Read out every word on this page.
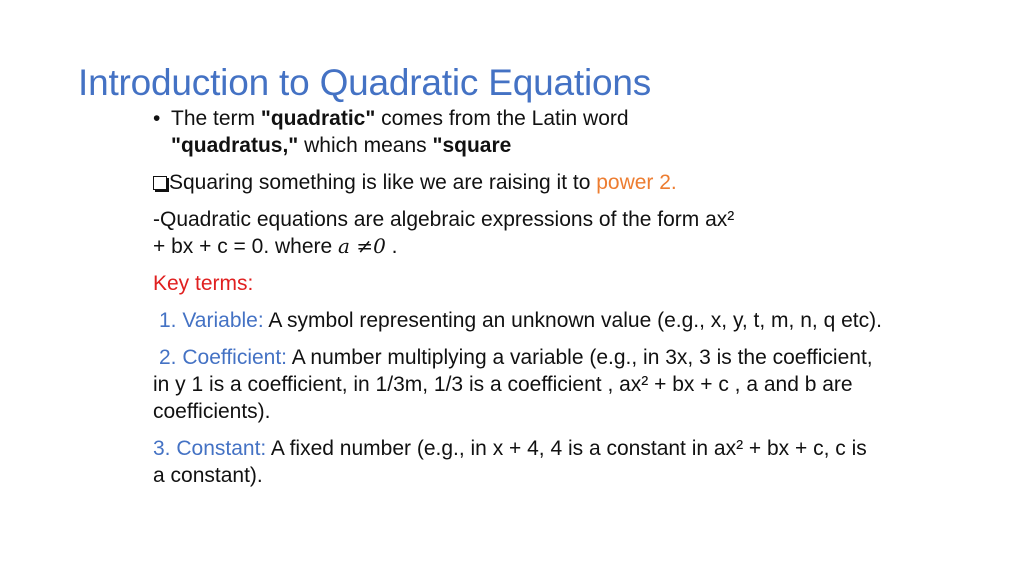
Introduction to Quadratic Equations
• The term "quadratic" comes from the Latin word
"quadratus," which means "square
Squaring something is like we are raising it to power 2.
-Quadratic equations are algebraic expressions of the form ax²
+ bx + c = 0. where a ≠0 .
Key terms:
1. Variable: A symbol representing an unknown value (e.g., x, y, t, m, n, q etc).
2. Coefficient: A number multiplying a variable (e.g., in 3x, 3 is the coefficient, in y 1 is a coefficient, in 1/3m, 1/3 is a coefficient , ax² + bx + c , a and b are coefficients).
3. Constant: A fixed number (e.g., in x + 4, 4 is a constant in ax² + bx + c, c is a constant).
